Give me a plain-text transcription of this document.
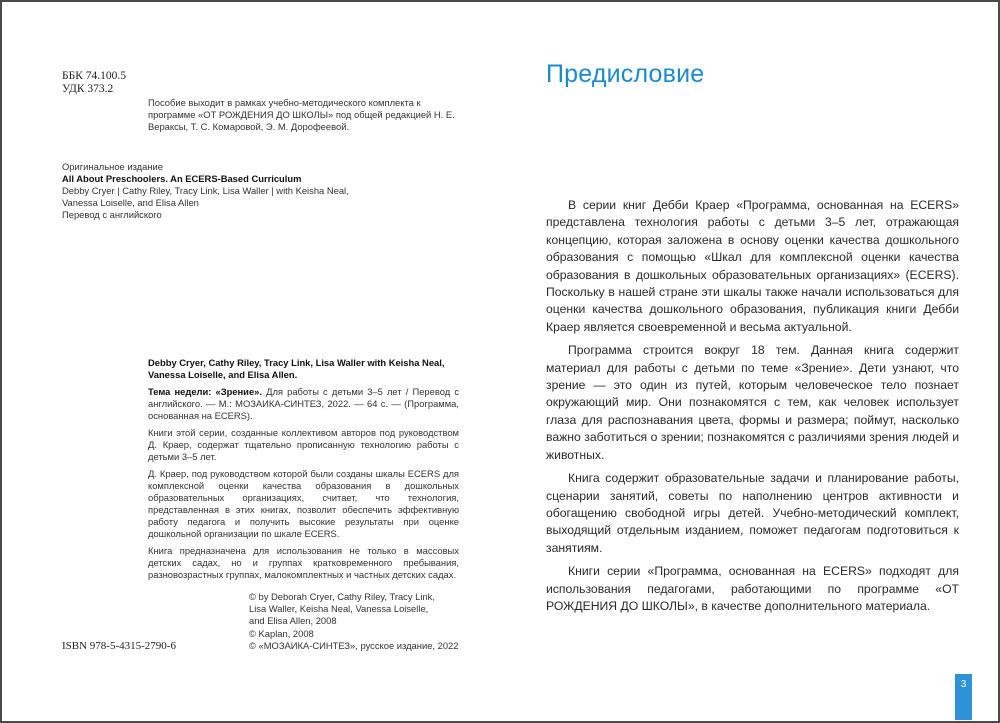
ББК 74.100.5
УДК 373.2
Пособие выходит в рамках учебно-методического комплекта к программе «ОТ РОЖДЕНИЯ ДО ШКОЛЫ» под общей редакцией Н. Е. Вераксы, Т. С. Комаровой, Э. М. Дорофеевой.
Оригинальное издание
All About Preschoolers. An ECERS-Based Curriculum
Debby Cryer | Cathy Riley, Tracy Link, Lisa Waller | with Keisha Neal, Vanessa Loiselle, and Elisa Allen
Перевод с английского
Debby Cryer, Cathy Riley, Tracy Link, Lisa Waller with Keisha Neal, Vanessa Loiselle, and Elisa Allen.

Тема недели: «Зрение». Для работы с детьми 3–5 лет / Перевод с английского. — М.: МОЗАИКА-СИНТЕЗ, 2022. — 64 с. — (Программа, основанная на ECERS).

Книги этой серии, созданные коллективом авторов под руководством Д. Краер, содержат тщательно прописанную технологию работы с детьми 3–5 лет.

Д. Краер, под руководством которой были созданы шкалы ECERS для комплексной оценки качества образования в дошкольных образовательных организациях, считает, что технология, представленная в этих книгах, позволит обеспечить эффективную работу педагога и получить высокие результаты при оценке дошкольной организации по шкале ECERS.

Книга предназначена для использования не только в массовых детских садах, но и группах кратковременного пребывания, разновозрастных группах, малокомплектных и частных детских садах.

© by Deborah Cryer, Cathy Riley, Tracy Link,
Lisa Waller, Keisha Neal, Vanessa Loiselle,
and Elisa Allen, 2008
© Kaplan, 2008
© «МОЗАИКА-СИНТЕЗ», русское издание, 2022
ISBN 978-5-4315-2790-6
Предисловие

В серии книг Дебби Краер «Программа, основанная на ECERS» представлена технология работы с детьми 3–5 лет, отражающая концепцию, которая заложена в основу оценки качества дошкольного образования с помощью «Шкал для комплексной оценки качества образования в дошкольных образовательных организациях» (ECERS). Поскольку в нашей стране эти шкалы также начали использоваться для оценки качества дошкольного образования, публикация книги Дебби Краер является своевременной и весьма актуальной.

Программа строится вокруг 18 тем. Данная книга содержит материал для работы с детьми по теме «Зрение». Дети узнают, что зрение — это один из путей, которым человеческое тело познает окружающий мир. Они познакомятся с тем, как человек использует глаза для распознавания цвета, формы и размера; поймут, насколько важно заботиться о зрении; познакомятся с различиями зрения людей и животных.

Книга содержит образовательные задачи и планирование работы, сценарии занятий, советы по наполнению центров активности и обогащению свободной игры детей. Учебно-методический комплект, выходящий отдельным изданием, поможет педагогам подготовиться к занятиям.

Книги серии «Программа, основанная на ECERS» подходят для использования педагогами, работающими по программе «ОТ РОЖДЕНИЯ ДО ШКОЛЫ», в качестве дополнительного материала.

3
